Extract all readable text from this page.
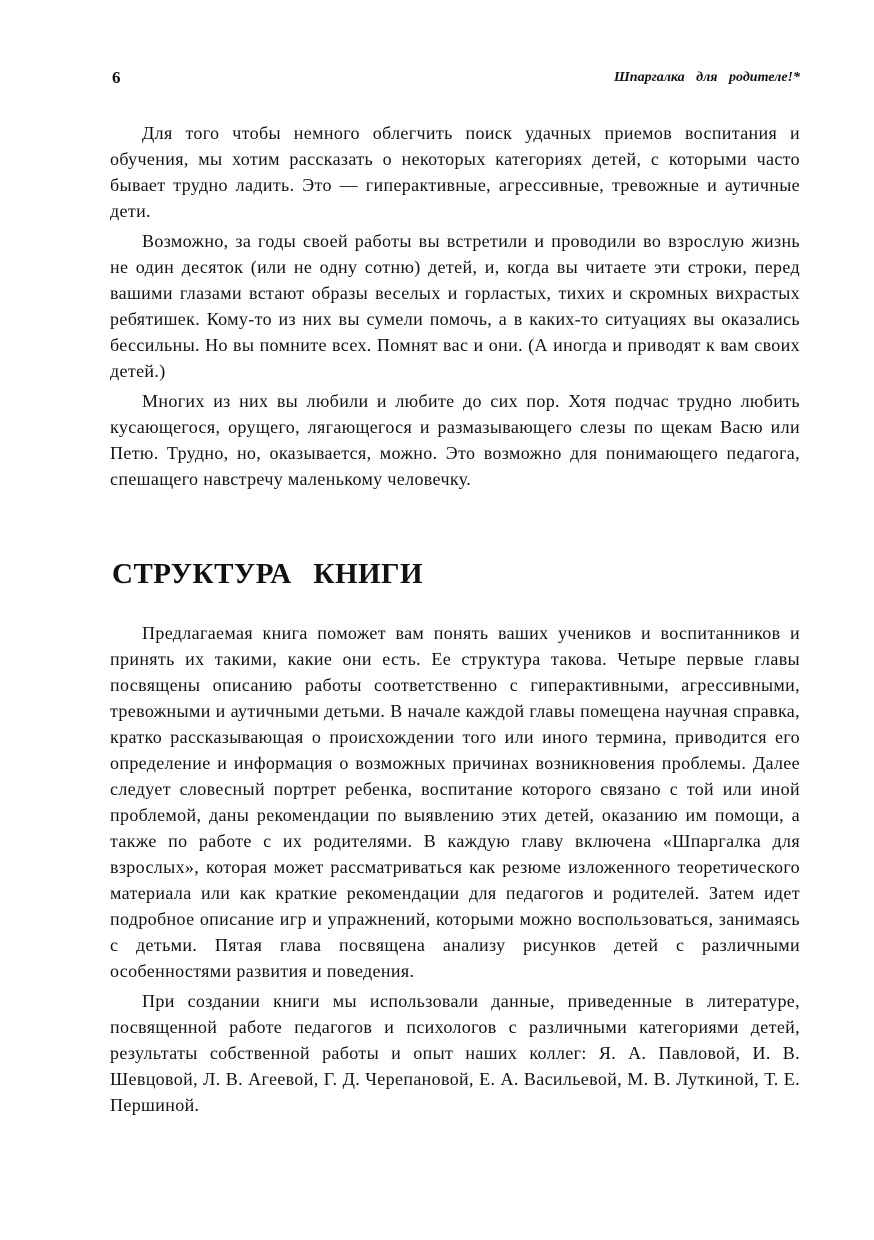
6	Шпаргалка для родителе!*

Для того чтобы немного облегчить поиск удачных приемов воспитания и обучения, мы хотим рассказать о некоторых категориях детей, с которыми часто бывает трудно ладить. Это — гиперактивные, агрессивные, тревожные и аутичные дети.

Возможно, за годы своей работы вы встретили и проводили во взрослую жизнь не один десяток (или не одну сотню) детей, и, когда вы читаете эти строки, перед вашими глазами встают образы веселых и горластых, тихих и скромных вихрастых ребятишек. Кому-то из них вы сумели помочь, а в каких-то ситуациях вы оказались бессильны. Но вы помните всех. Помнят вас и они. (А иногда и приводят к вам своих детей.)

Многих из них вы любили и любите до сих пор. Хотя подчас трудно любить кусающегося, орущего, лягающегося и размазывающего слезы по щекам Васю или Петю. Трудно, но, оказывается, можно. Это возможно для понимающего педагога, спешащего навстречу маленькому человечку.

СТРУКТУРА КНИГИ

Предлагаемая книга поможет вам понять ваших учеников и воспитанников и принять их такими, какие они есть. Ее структура такова. Четыре первые главы посвящены описанию работы соответственно с гиперактивными, агрессивными, тревожными и аутичными детьми. В начале каждой главы помещена научная справка, кратко рассказывающая о происхождении того или иного термина, приводится его определение и информация о возможных причинах возникновения проблемы. Далее следует словесный портрет ребенка, воспитание которого связано с той или иной проблемой, даны рекомендации по выявлению этих детей, оказанию им помощи, а также по работе с их родителями. В каждую главу включена «Шпаргалка для взрослых», которая может рассматриваться как резюме изложенного теоретического материала или как краткие рекомендации для педагогов и родителей. Затем идет подробное описание игр и упражнений, которыми можно воспользоваться, занимаясь с детьми. Пятая глава посвящена анализу рисунков детей с различными особенностями развития и поведения.

При создании книги мы использовали данные, приведенные в литературе, посвященной работе педагогов и психологов с различными категориями детей, результаты собственной работы и опыт наших коллег: Я. А. Павловой, И. В. Шевцовой, Л. В. Агеевой, Г. Д. Черепановой, Е. А. Васильевой, М. В. Луткиной, Т. Е. Першиной.
